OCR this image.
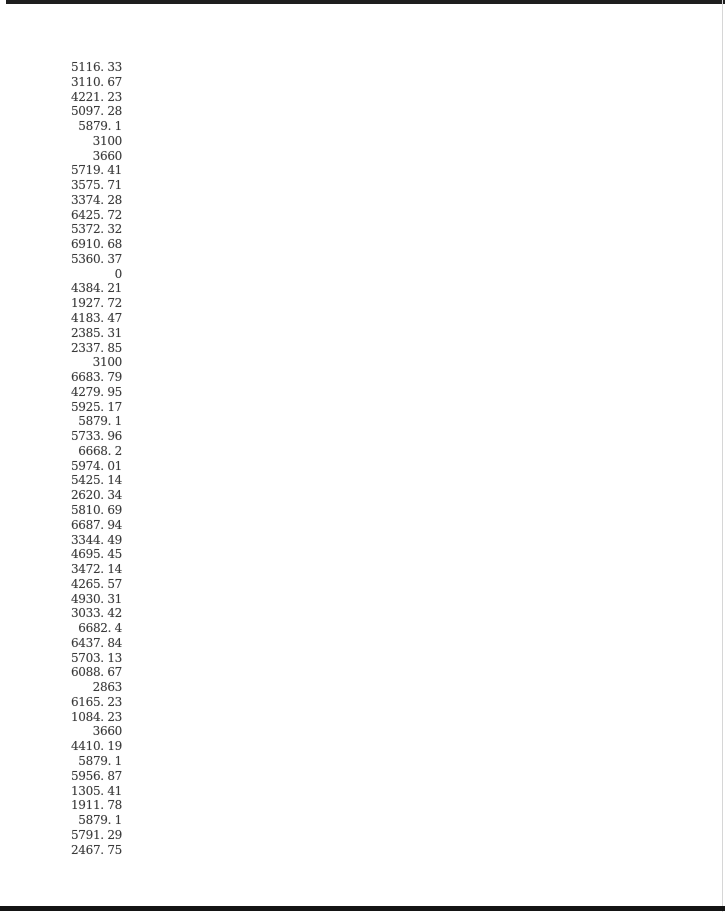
5116. 33
3110. 67
4221. 23
5097. 28
5879. 1
3100
3660
5719. 41
3575. 71
3374. 28
6425. 72
5372. 32
6910. 68
5360. 37
0
4384. 21
1927. 72
4183. 47
2385. 31
2337. 85
3100
6683. 79
4279. 95
5925. 17
5879. 1
5733. 96
6668. 2
5974. 01
5425. 14
2620. 34
5810. 69
6687. 94
3344. 49
4695. 45
3472. 14
4265. 57
4930. 31
3033. 42
6682. 4
6437. 84
5703. 13
6088. 67
2863
6165. 23
1084. 23
3660
4410. 19
5879. 1
5956. 87
1305. 41
1911. 78
5879. 1
5791. 29
2467. 75
